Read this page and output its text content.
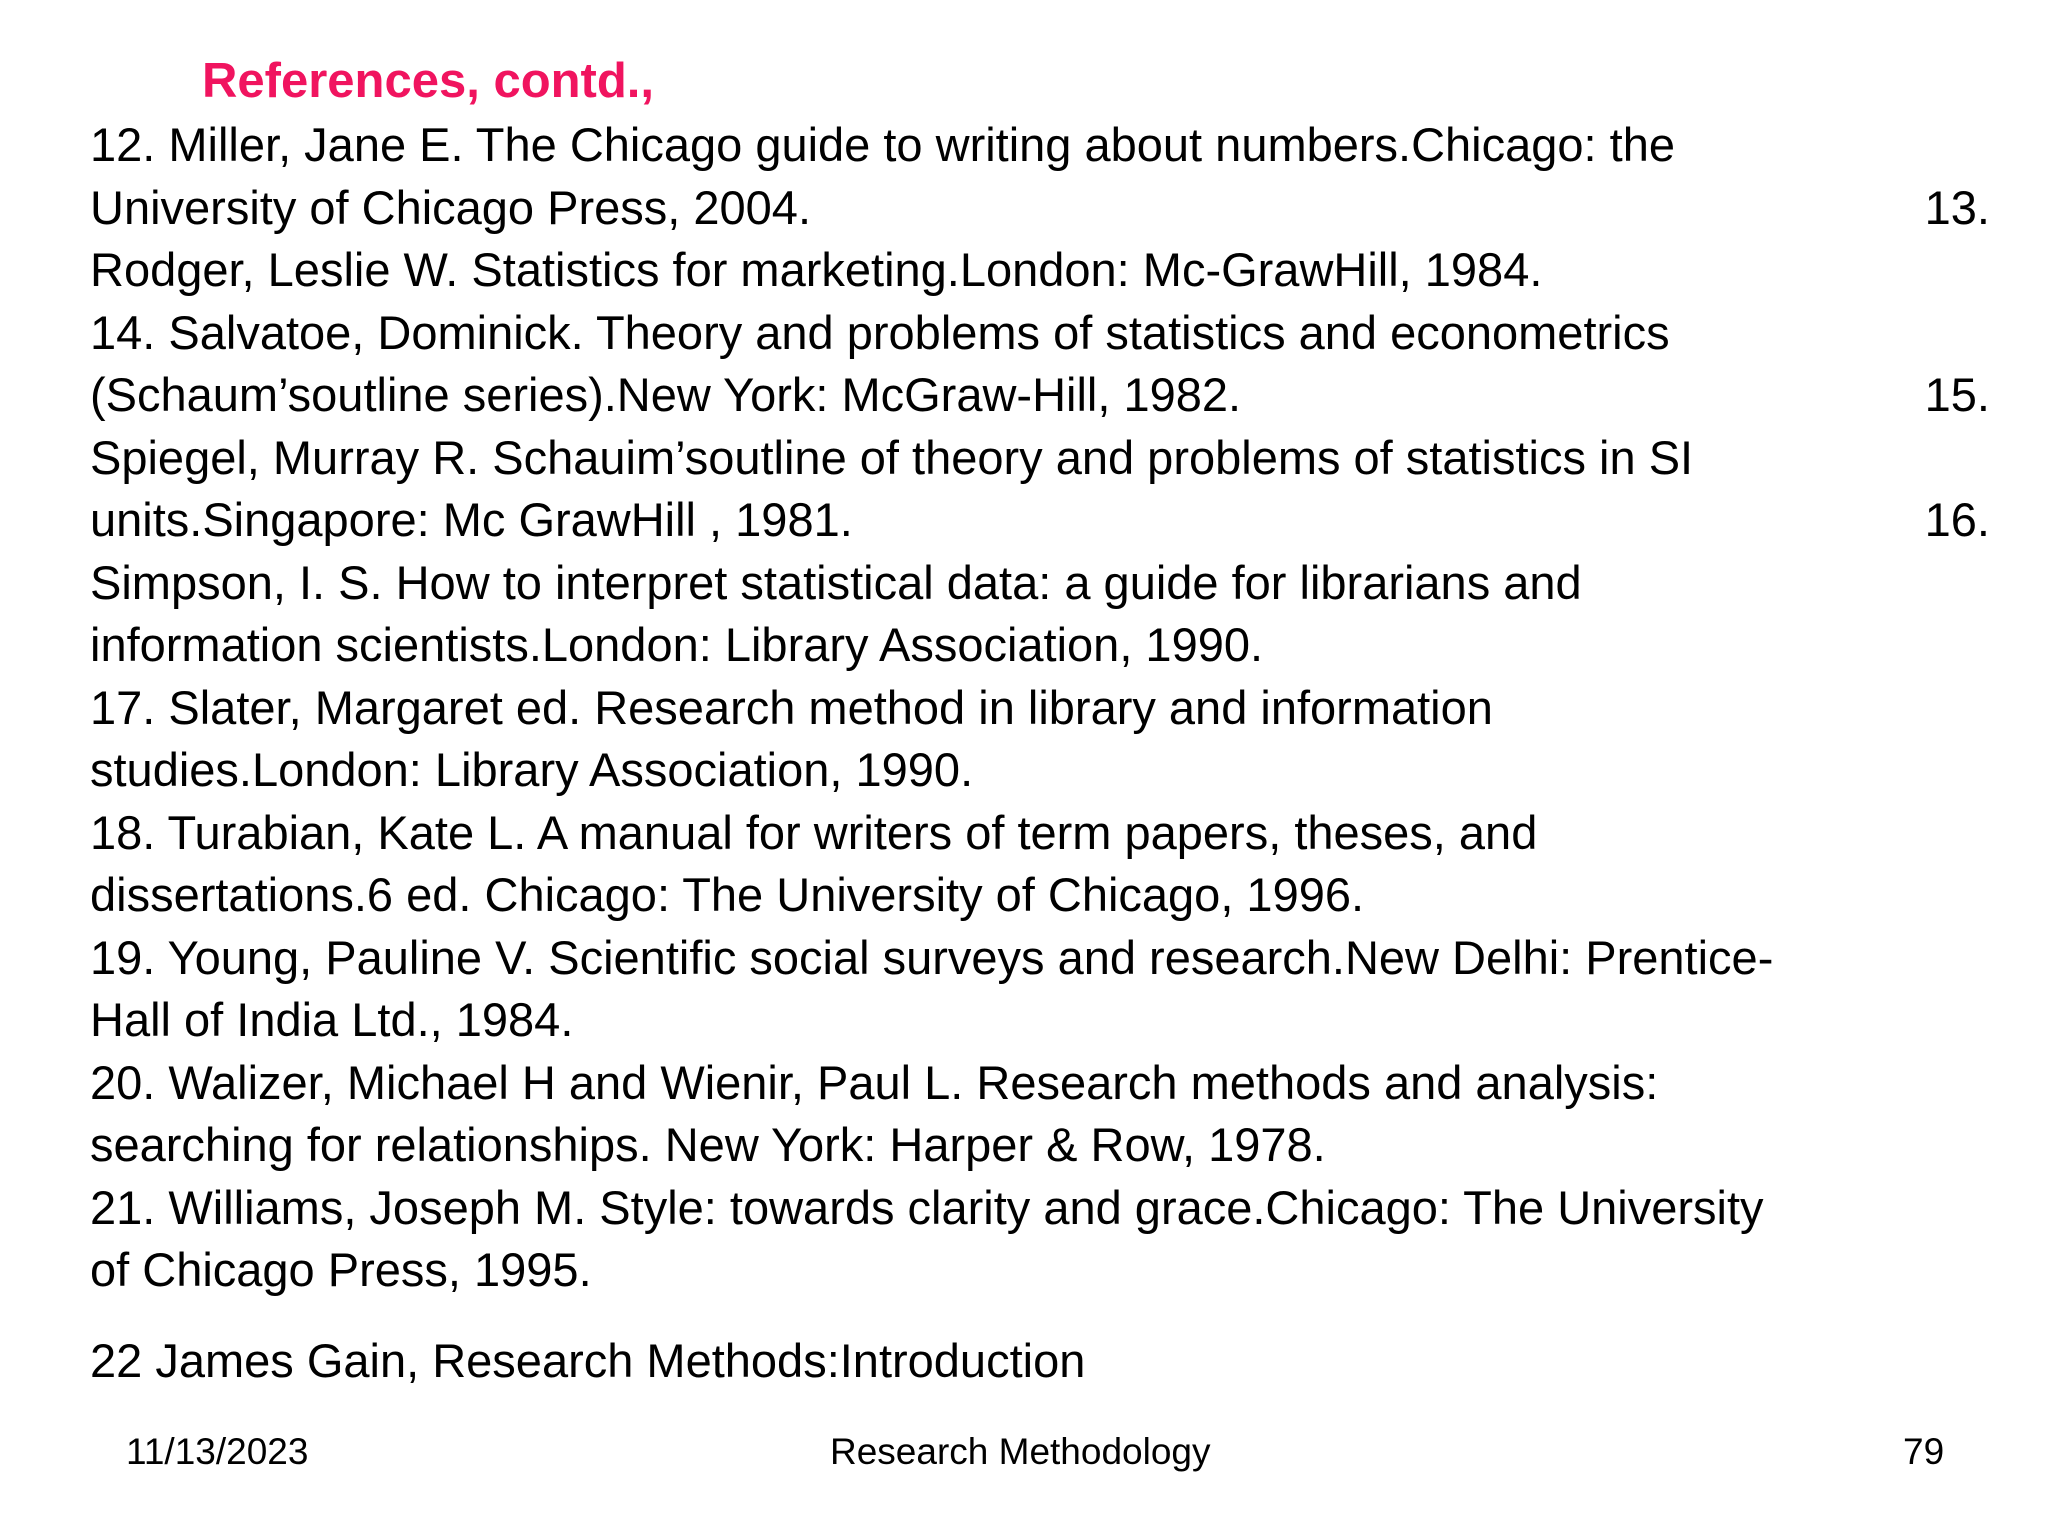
References, contd.,
12. Miller, Jane E. The Chicago guide to writing about numbers.Chicago: the
University of Chicago Press, 2004.	13.
Rodger, Leslie W. Statistics for marketing.London: Mc-GrawHill, 1984.
14. Salvatoe, Dominick. Theory and problems of statistics and econometrics
(Schaum’soutline series).New York: McGraw-Hill, 1982.	15.
Spiegel, Murray R. Schauim’soutline of theory and problems of statistics in SI
units.Singapore: Mc GrawHill , 1981.	16.
Simpson, I. S. How to interpret statistical data: a guide for librarians and
information scientists.London: Library Association, 1990.
17. Slater, Margaret ed. Research method in library and information
studies.London: Library Association, 1990.
18. Turabian, Kate L. A manual for writers of term papers, theses, and
dissertations.6 ed. Chicago: The University of Chicago, 1996.
19. Young, Pauline V. Scientific social surveys and research.New Delhi: Prentice-
Hall of India Ltd., 1984.
20. Walizer, Michael H and Wienir, Paul L. Research methods and analysis:
searching for relationships. New York: Harper & Row, 1978.
21. Williams, Joseph M. Style: towards clarity and grace.Chicago: The University
of Chicago Press, 1995.
22 James Gain, Research Methods:Introduction
11/13/2023	Research Methodology	79
